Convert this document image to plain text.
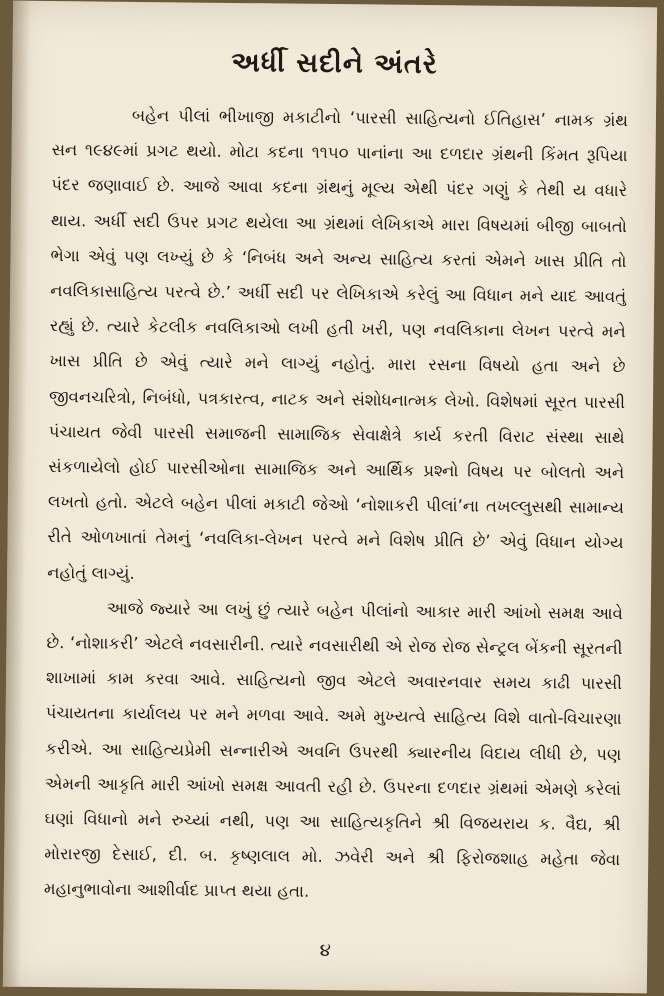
અર્ધી સદીને અંતરે

બહેન પીલાં ભીખાજી મકાટીનો ‘પારસી સાહિત્યનો ઈતિહાસ’ નામક ગ્રંથ સન ૧૯૪૯માં પ્રગટ થયો. મોટા કદના ૧૧૫૦ પાનાંના આ દળદાર ગ્રંથની કિંમત રૂપિયા પંદર જણાવાઈ છે. આજે આવા કદના ગ્રંથનું મૂલ્ય એથી પંદર ગણું કે તેથી ય વધારે થાય. અર્ધી સદી ઉપર પ્રગટ થયેલા આ ગ્રંથમાં લેખિકાએ મારા વિષયમાં બીજી બાબતો ભેગા એવું પણ લખ્યું છે કે ‘નિબંધ અને અન્ય સાહિત્ય કરતાં એમને ખાસ પ્રીતિ તો નવલિકાસાહિત્ય પરત્વે છે.’ અર્ધી સદી પર લેખિકાએ કરેલું આ વિધાન મને યાદ આવતું રહ્યું છે. ત્યારે કેટલીક નવલિકાઓ લખી હતી ખરી, પણ નવલિકાના લેખન પરત્વે મને ખાસ પ્રીતિ છે એવું ત્યારે મને લાગ્યું નહોતું. મારા રસના વિષયો હતા અને છે જીવનચરિત્રો, નિબંધો, પત્રકારત્વ, નાટક અને સંશોધનાત્મક લેખો. વિશેષમાં સૂરત પારસી પંચાયત જેવી પારસી સમાજની સામાજિક સેવાક્ષેત્રે કાર્ય કરતી વિરાટ સંસ્થા સાથે સંકળાયેલો હોઈ પારસીઓના સામાજિક અને આર્થિક પ્રશ્નો વિષય પર બોલતો અને લખતો હતો. એટલે બહેન પીલાં મકાટી જેઓ ‘નોશાકરી પીલાં’ના તખલ્લુસથી સામાન્ય રીતે ઓળખાતાં તેમનું ‘નવલિકા-લેખન પરત્વે મને વિશેષ પ્રીતિ છે’ એવું વિધાન યોગ્ય નહોતું લાગ્યું.

આજે જ્યારે આ લખું છું ત્યારે બહેન પીલાંનો આકાર મારી આંખો સમક્ષ આવે છે. ‘નોશાકરી’ એટલે નવસારીની. ત્યારે નવસારીથી એ રોજ રોજ સેન્ટ્રલ બેંકની સૂરતની શાખામાં કામ કરવા આવે. સાહિત્યનો જીવ એટલે અવારનવાર સમય કાઢી પારસી પંચાયતના કાર્યાલય પર મને મળવા આવે. અમે મુખ્યત્વે સાહિત્ય વિશે વાતો-વિચારણા કરીએ. આ સાહિત્યપ્રેમી સન્નારીએ અવનિ ઉપરથી ક્યારનીય વિદાય લીધી છે, પણ એમની આકૃતિ મારી આંખો સમક્ષ આવતી રહી છે. ઉપરના દળદાર ગ્રંથમાં એમણે કરેલાં ઘણાં વિધાનો મને રુચ્યાં નથી, પણ આ સાહિત્યકૃતિને શ્રી વિજયરાય ક. વૈદ્ય, શ્રી મોરારજી દેસાઈ, દી. બ. કૃષ્ણલાલ મો. ઝવેરી અને શ્રી ફિરોજશાહ મહેતા જેવા મહાનુભાવોના આશીર્વાદ પ્રાપ્ત થયા હતા.

૪
